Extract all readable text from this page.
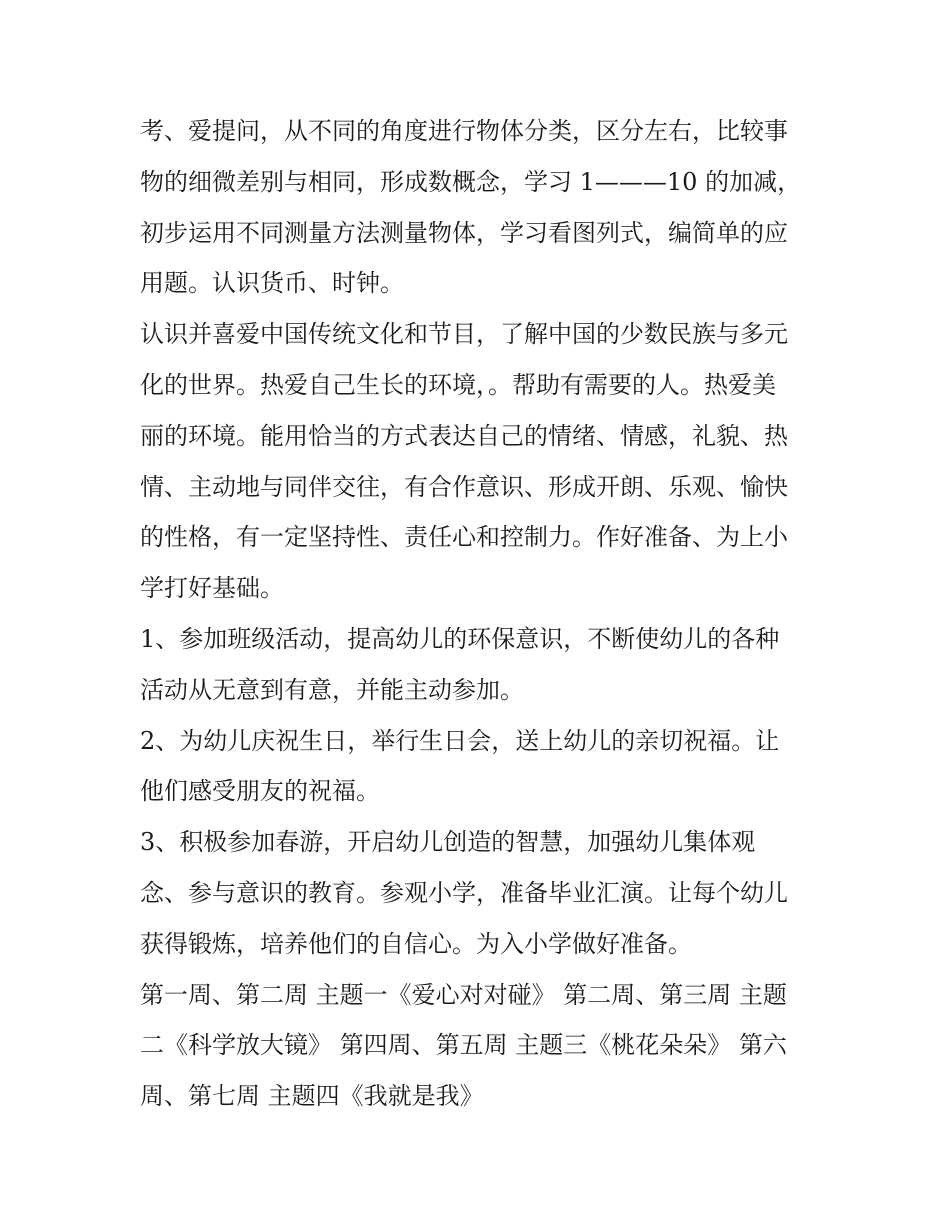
考、爱提问，从不同的角度进行物体分类，区分左右，比较事
物的细微差别与相同，形成数概念，学习 1———10 的加减，
初步运用不同测量方法测量物体，学习看图列式，编简单的应
用题。认识货币、时钟。

认识并喜爱中国传统文化和节目，了解中国的少数民族与多元
化的世界。热爱自己生长的环境，。帮助有需要的人。热爱美
丽的环境。能用恰当的方式表达自己的情绪、情感，礼貌、热
情、主动地与同伴交往，有合作意识、形成开朗、乐观、愉快
的性格，有一定坚持性、责任心和控制力。作好准备、为上小
学打好基础。

1、参加班级活动，提高幼儿的环保意识，不断使幼儿的各种
活动从无意到有意，并能主动参加。

2、为幼儿庆祝生日，举行生日会，送上幼儿的亲切祝福。让
他们感受朋友的祝福。

3、积极参加春游，开启幼儿创造的智慧，加强幼儿集体观
念、参与意识的教育。参观小学，准备毕业汇演。让每个幼儿
获得锻炼，培养他们的自信心。为入小学做好准备。

第一周、第二周 主题一《爱心对对碰》 第二周、第三周 主题
二《科学放大镜》 第四周、第五周 主题三《桃花朵朵》 第六
周、第七周 主题四《我就是我》
